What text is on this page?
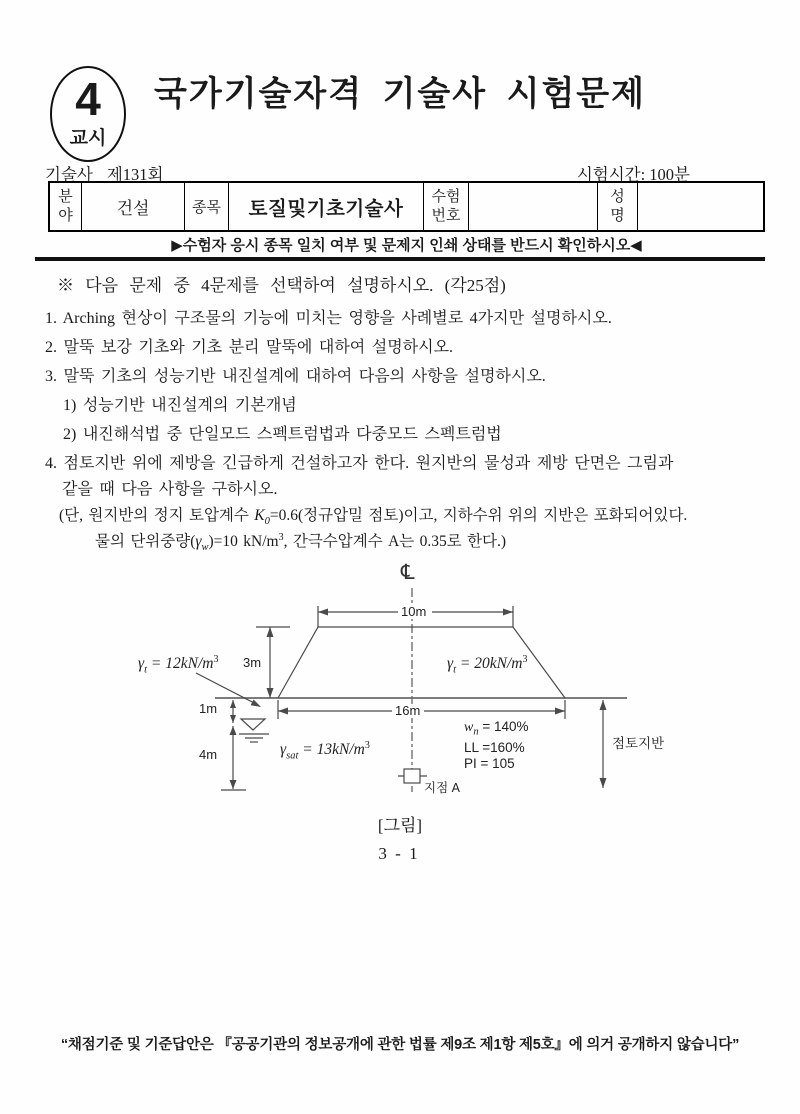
4
교시
국가기술자격 기술사 시험문제
기술사 제131회	시험시간: 100분
분야	건설	종목	토질및기초기술사
수험번호
성명
▶수험자 응시 종목 일치 여부 및 문제지 인쇄 상태를 반드시 확인하시오◀
※ 다음 문제 중 4문제를 선택하여 설명하시오. (각25점)
1. Arching 현상이 구조물의 기능에 미치는 영향을 사례별로 4가지만 설명하시오.
2. 말뚝 보강 기초와 기초 분리 말뚝에 대하여 설명하시오.
3. 말뚝 기초의 성능기반 내진설계에 대하여 다음의 사항을 설명하시오.
1) 성능기반 내진설계의 기본개념
2) 내진해석법 중 단일모드 스펙트럼법과 다중모드 스펙트럼법
4. 점토지반 위에 제방을 긴급하게 건설하고자 한다. 원지반의 물성과 제방 단면은 그림과
같을 때 다음 사항을 구하시오.
(단, 원지반의 정지 토압계수 $K_0=0.6$(정규압밀 점토)이고, 지하수위 위의 지반은 포화되어있다.
물의 단위중량$(\gamma_w)=10$ $kN/m^3$, 간극수압계수 A는 0.35로 한다.)
℄
10m
3m
16m
1m
4m
$\gamma_t = 12kN/m^3$	$\gamma_t = 20kN/m^3$
$\gamma_{sat} = 13kN/m^3$
$w_n = 140\%$
LL =160%
PI = 105
점토지반
지점 A
[그림]
3 - 1
“채점기준 및 기준답안은 『공공기관의 정보공개에 관한 법률 제9조 제1항 제5호』에 의거 공개하지 않습니다”
